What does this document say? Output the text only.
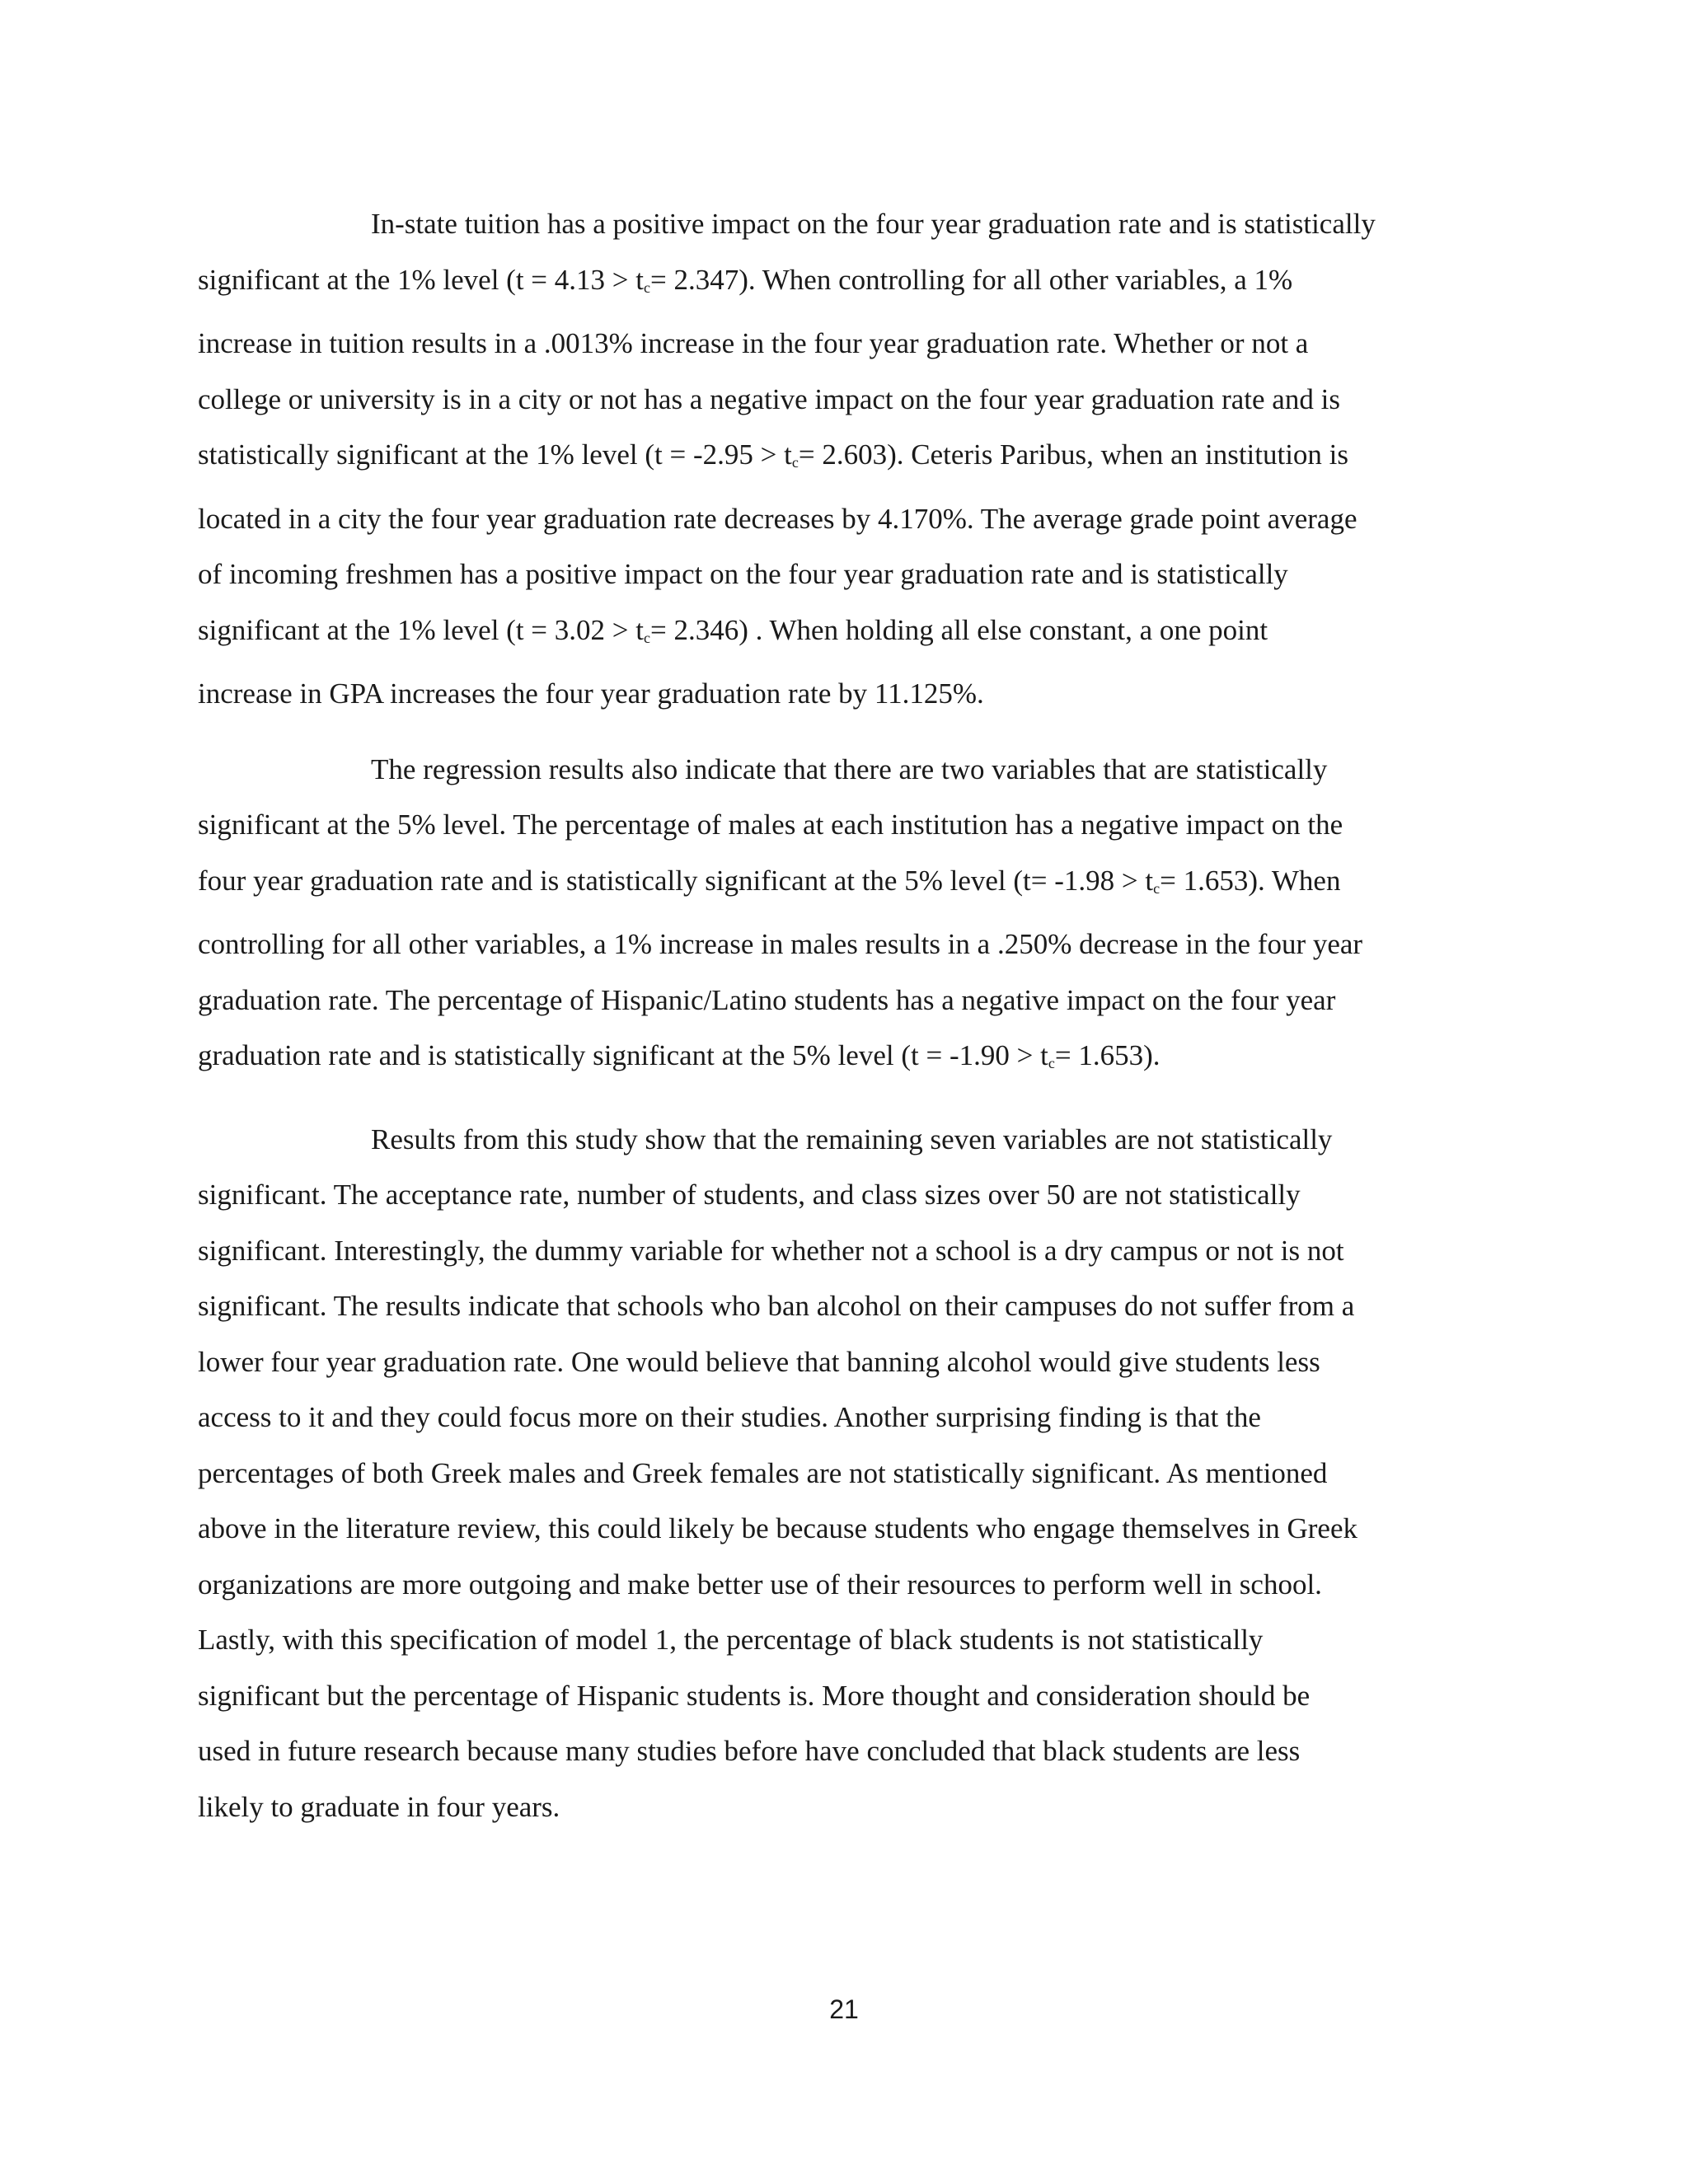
In-state tuition has a positive impact on the four year graduation rate and is statistically
significant at the 1% level $(t = 4.13 > t_c= 2.347)$. When controlling for all other variables, a 1%
increase in tuition results in a .0013% increase in the four year graduation rate. Whether or not a
college or university is in a city or not has a negative impact on the four year graduation rate and is
statistically significant at the 1% level $(t = -2.95 > t_c= 2.603)$. Ceteris Paribus, when an institution is
located in a city the four year graduation rate decreases by 4.170%. The average grade point average
of incoming freshmen has a positive impact on the four year graduation rate and is statistically
significant at the 1% level $(t = 3.02 > t_c= 2.346)$ . When holding all else constant, a one point
increase in GPA increases the four year graduation rate by 11.125%.

The regression results also indicate that there are two variables that are statistically
significant at the 5% level. The percentage of males at each institution has a negative impact on the
four year graduation rate and is statistically significant at the 5% level $(t= -1.98 > t_c= 1.653)$. When
controlling for all other variables, a 1% increase in males results in a .250% decrease in the four year
graduation rate. The percentage of Hispanic/Latino students has a negative impact on the four year
graduation rate and is statistically significant at the 5% level $(t = -1.90 > t_c= 1.653)$.

Results from this study show that the remaining seven variables are not statistically
significant. The acceptance rate, number of students, and class sizes over 50 are not statistically
significant. Interestingly, the dummy variable for whether not a school is a dry campus or not is not
significant. The results indicate that schools who ban alcohol on their campuses do not suffer from a
lower four year graduation rate. One would believe that banning alcohol would give students less
access to it and they could focus more on their studies. Another surprising finding is that the
percentages of both Greek males and Greek females are not statistically significant. As mentioned
above in the literature review, this could likely be because students who engage themselves in Greek
organizations are more outgoing and make better use of their resources to perform well in school.
Lastly, with this specification of model 1, the percentage of black students is not statistically
significant but the percentage of Hispanic students is. More thought and consideration should be
used in future research because many studies before have concluded that black students are less
likely to graduate in four years.

21
